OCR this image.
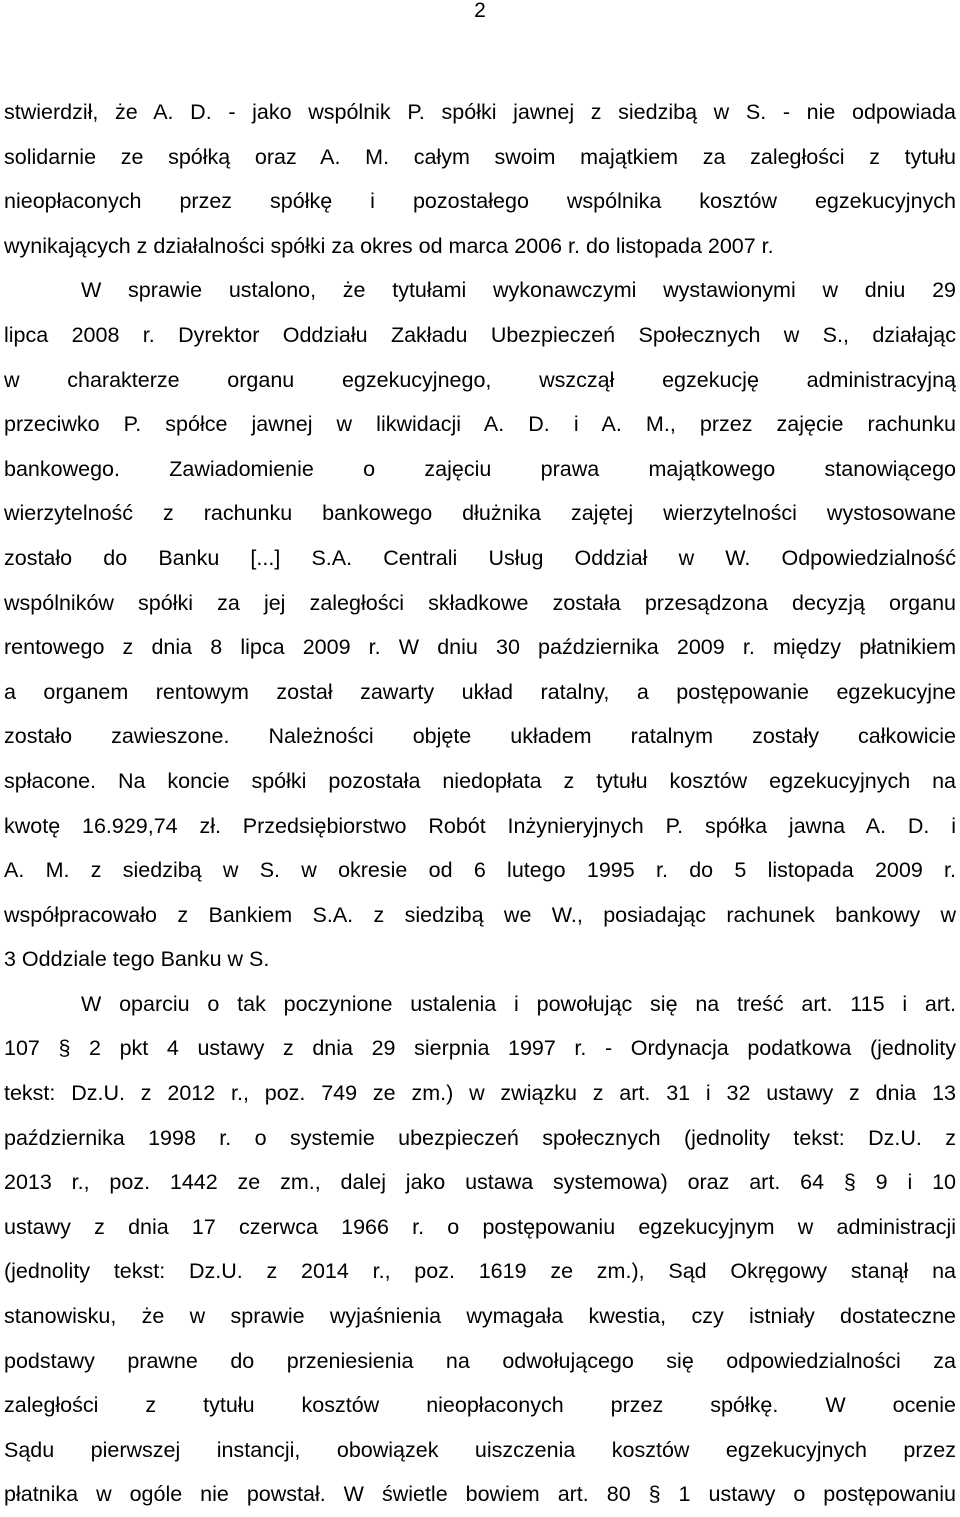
2
stwierdził, że A. D. - jako wspólnik P. spółki jawnej z siedzibą w S. - nie odpowiada
solidarnie ze spółką oraz A. M. całym swoim majątkiem za zaległości z tytułu
nieopłaconych przez spółkę i pozostałego wspólnika kosztów egzekucyjnych
wynikających z działalności spółki za okres od marca 2006 r. do listopada 2007 r.
W sprawie ustalono, że tytułami wykonawczymi wystawionymi w dniu 29
lipca 2008 r. Dyrektor Oddziału Zakładu Ubezpieczeń Społecznych w S., działając
w charakterze organu egzekucyjnego, wszczął egzekucję administracyjną
przeciwko P. spółce jawnej w likwidacji A. D. i A. M., przez zajęcie rachunku
bankowego. Zawiadomienie o zajęciu prawa majątkowego stanowiącego
wierzytelność z rachunku bankowego dłużnika zajętej wierzytelności wystosowane
zostało do Banku [...] S.A. Centrali Usług Oddział w W. Odpowiedzialność
wspólników spółki za jej zaległości składkowe została przesądzona decyzją organu
rentowego z dnia 8 lipca 2009 r. W dniu 30 października 2009 r. między płatnikiem
a organem rentowym został zawarty układ ratalny, a postępowanie egzekucyjne
zostało zawieszone. Należności objęte układem ratalnym zostały całkowicie
spłacone. Na koncie spółki pozostała niedopłata z tytułu kosztów egzekucyjnych na
kwotę 16.929,74 zł. Przedsiębiorstwo Robót Inżynieryjnych P. spółka jawna A. D. i
A. M. z siedzibą w S. w okresie od 6 lutego 1995 r. do 5 listopada 2009 r.
współpracowało z Bankiem S.A. z siedzibą we W., posiadając rachunek bankowy w
3 Oddziale tego Banku w S.
W oparciu o tak poczynione ustalenia i powołując się na treść art. 115 i art.
107 § 2 pkt 4 ustawy z dnia 29 sierpnia 1997 r. - Ordynacja podatkowa (jednolity
tekst: Dz.U. z 2012 r., poz. 749 ze zm.) w związku z art. 31 i 32 ustawy z dnia 13
października 1998 r. o systemie ubezpieczeń społecznych (jednolity tekst: Dz.U. z
2013 r., poz. 1442 ze zm., dalej jako ustawa systemowa) oraz art. 64 § 9 i 10
ustawy z dnia 17 czerwca 1966 r. o postępowaniu egzekucyjnym w administracji
(jednolity tekst: Dz.U. z 2014 r., poz. 1619 ze zm.), Sąd Okręgowy stanął na
stanowisku, że w sprawie wyjaśnienia wymagała kwestia, czy istniały dostateczne
podstawy prawne do przeniesienia na odwołującego się odpowiedzialności za
zaległości z tytułu kosztów nieopłaconych przez spółkę. W ocenie
Sądu pierwszej instancji, obowiązek uiszczenia kosztów egzekucyjnych przez
płatnika w ogóle nie powstał. W świetle bowiem art. 80 § 1 ustawy o postępowaniu
